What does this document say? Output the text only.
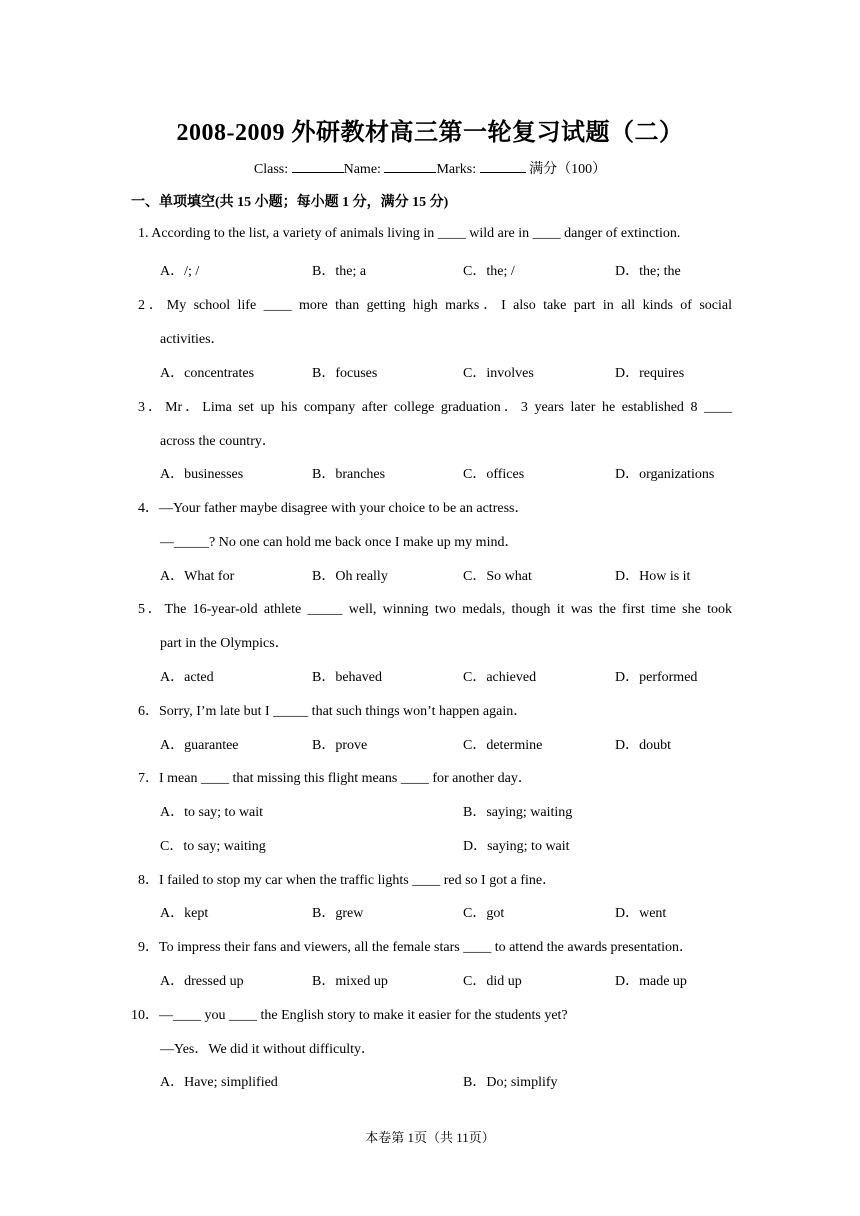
2008-2009 外研教材高三第一轮复习试题（二）
Class:	Name:	Marks:	满分（100）
一、单项填空(共 15 小题；每小题 1 分，满分 15 分)
1. According to the list, a variety of animals living in ____ wild are in ____ danger of extinction.
A．/; /	B．the; a	C．the; /	D．the; the
2．My school life ____ more than getting high marks．I also take part in all kinds of social
activities．
A．concentrates	B．focuses	C．involves	D．requires
3．Mr．Lima set up his company after college graduation．3 years later he established 8 ____
across the country．
A．businesses	B．branches	C．offices	D．organizations
4．—Your father maybe disagree with your choice to be an actress．
—_____? No one can hold me back once I make up my mind．
A．What for	B．Oh really	C．So what	D．How is it
5．The 16-year-old athlete _____ well, winning two medals, though it was the first time she took
part in the Olympics．
A．acted	B．behaved	C．achieved	D．performed
6．Sorry, I’m late but I _____ that such things won’t happen again．
A．guarantee	B．prove	C．determine	D．doubt
7．I mean ____ that missing this flight means ____ for another day．
A．to say; to wait	B．saying; waiting
C．to say; waiting	D．saying; to wait
8．I failed to stop my car when the traffic lights ____ red so I got a fine．
A．kept	B．grew	C．got	D．went
9．To impress their fans and viewers, all the female stars ____ to attend the awards presentation．
A．dressed up	B．mixed up	C．did up	D．made up
10．—____ you ____ the English story to make it easier for the students yet?
—Yes．We did it without difficulty．
A．Have; simplified	B．Do; simplify
本卷第 1页（共 11页）
